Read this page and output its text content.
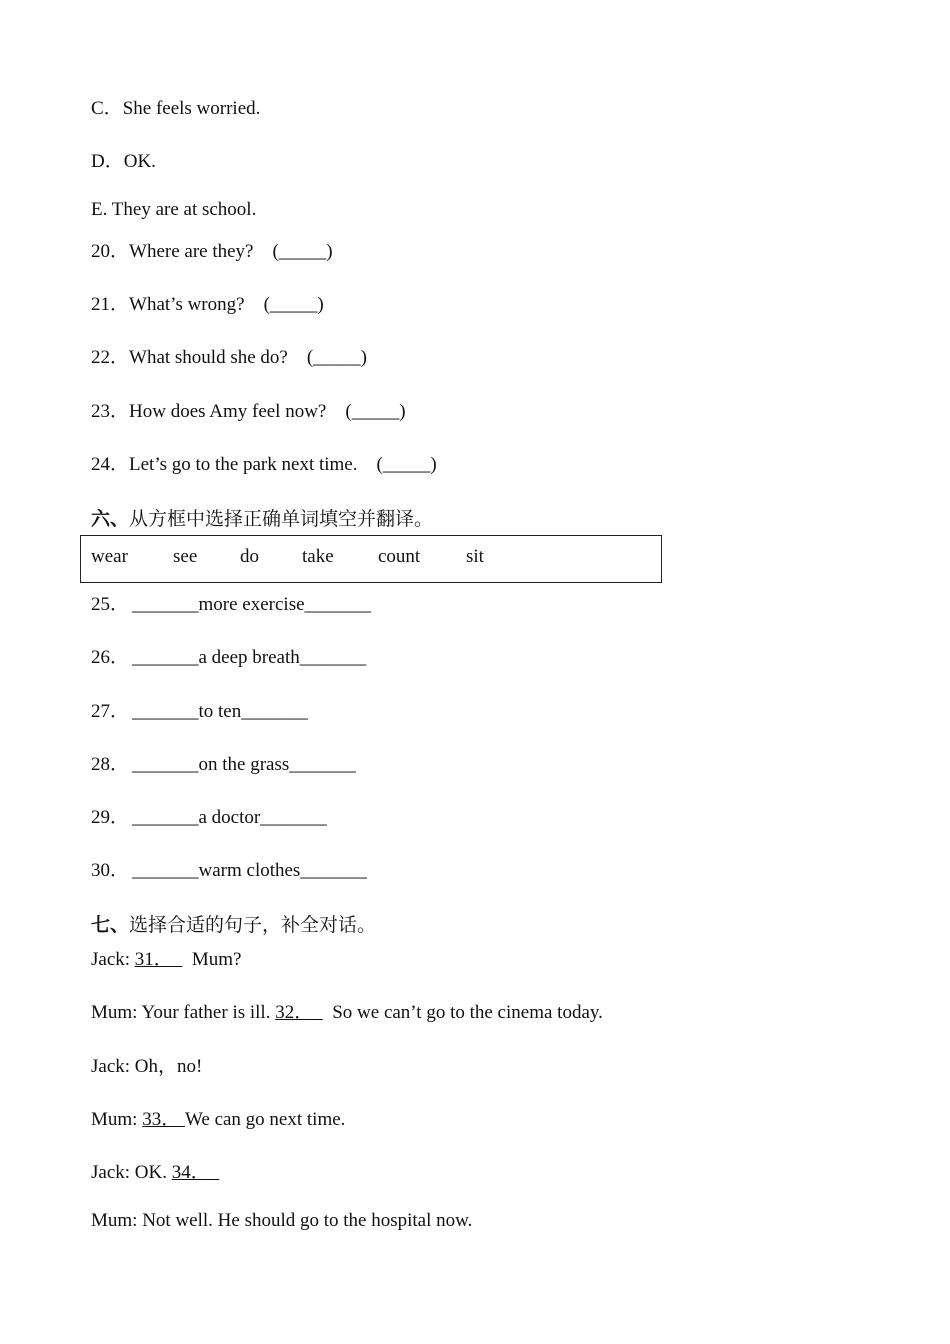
C．She feels worried.
D．OK.
E. They are at school.
20．Where are they? (_____)
21．What’s wrong? (_____)
22．What should she do? (_____)
23．How does Amy feel now? (_____)
24．Let’s go to the park next time. (_____)
六、从方框中选择正确单词填空并翻译。
wear see do take count sit
25． _______more exercise_______
26． _______a deep breath_______
27． _______to ten_______
28． _______on the grass_______
29． _______a doctor_______
30． _______warm clothes_______
七、选择合适的句子，补全对话。
Jack: 31．    Mum?
Mum: Your father is ill. 32．    So we can’t go to the cinema today.
Jack: Oh，no!
Mum: 33． We can go next time.
Jack: OK. 34．
Mum: Not well. He should go to the hospital now.
